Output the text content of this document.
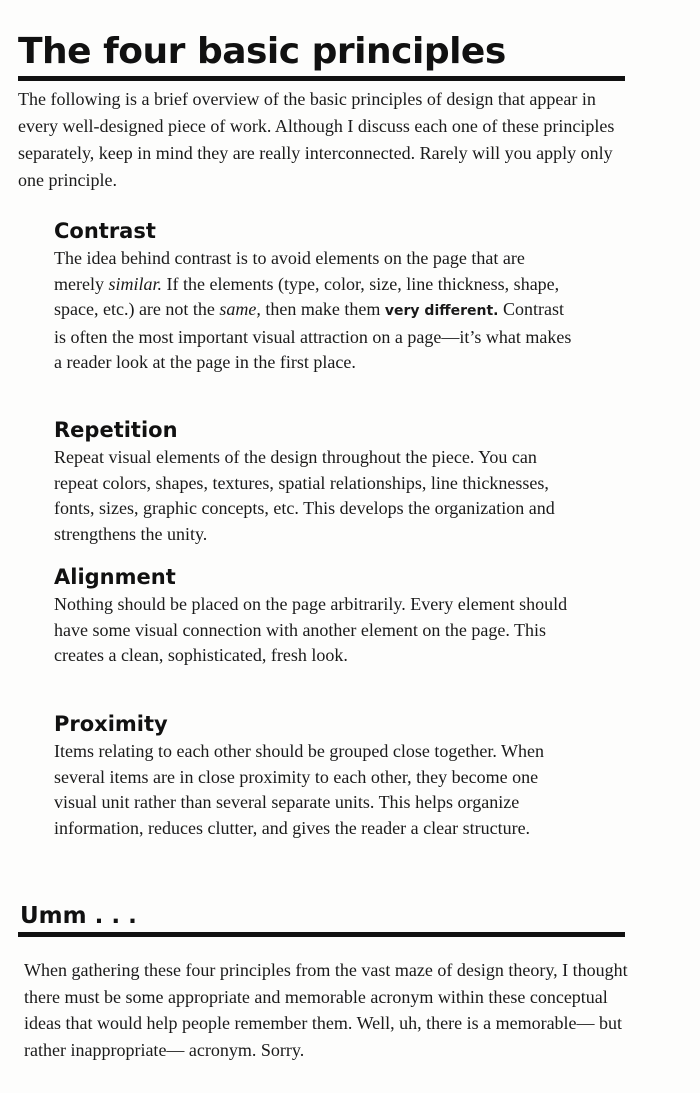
The four basic principles

The following is a brief overview of the basic principles of design that appear in every well-designed piece of work. Although I discuss each one of these principles separately, keep in mind they are really interconnected. Rarely will you apply only one principle.

Contrast

The idea behind contrast is to avoid elements on the page that are merely similar. If the elements (type, color, size, line thickness, shape, space, etc.) are not the same, then make them very different. Contrast is often the most important visual attraction on a page—it’s what makes a reader look at the page in the first place.

Repetition

Repeat visual elements of the design throughout the piece. You can repeat colors, shapes, textures, spatial relationships, line thicknesses, fonts, sizes, graphic concepts, etc. This develops the organization and strengthens the unity.

Alignment

Nothing should be placed on the page arbitrarily. Every element should have some visual connection with another element on the page. This creates a clean, sophisticated, fresh look.

Proximity

Items relating to each other should be grouped close together. When several items are in close proximity to each other, they become one visual unit rather than several separate units. This helps organize information, reduces clutter, and gives the reader a clear structure.

Umm . . .

When gathering these four principles from the vast maze of design theory, I thought there must be some appropriate and memorable acronym within these conceptual ideas that would help people remember them. Well, uh, there is a memorable— but rather inappropriate— acronym. Sorry.
